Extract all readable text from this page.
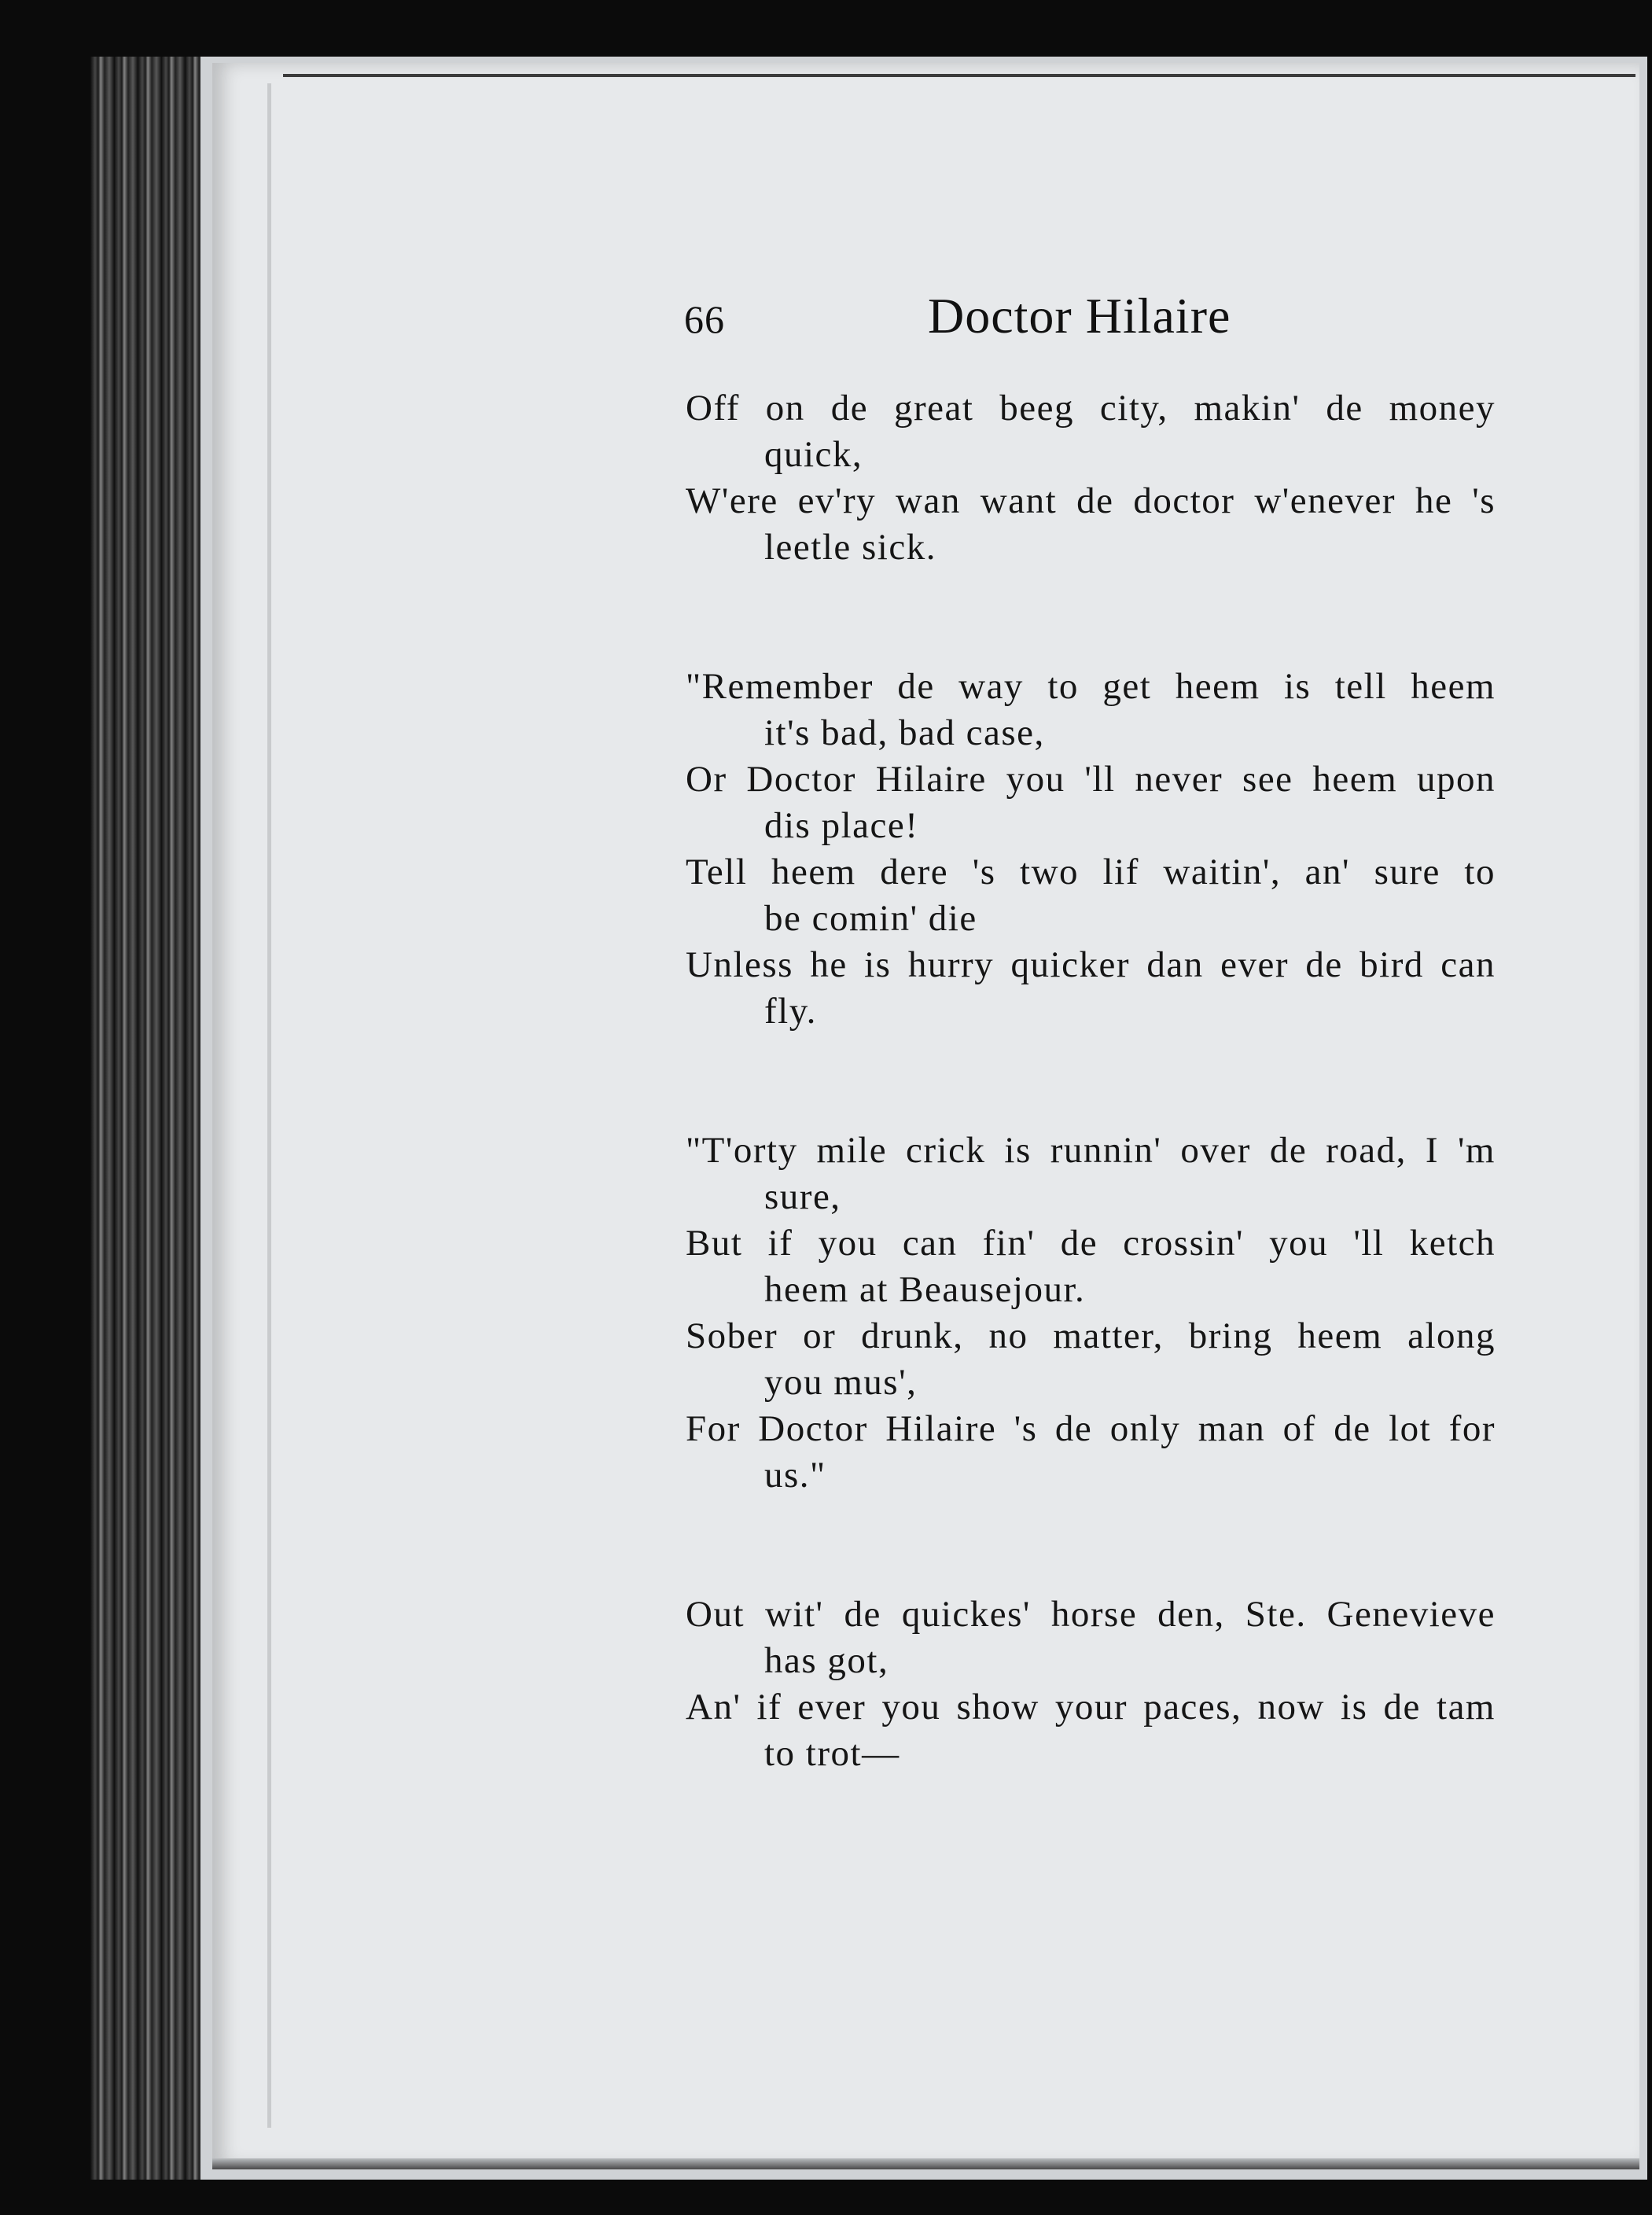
66	Doctor Hilaire
Off on de great beeg city, makin' de money
quick,
W'ere ev'ry wan want de doctor w'enever he 's
leetle sick.
"Remember de way to get heem is tell heem
it's bad, bad case,
Or Doctor Hilaire you 'll never see heem upon
dis place!
Tell heem dere 's two lif waitin', an' sure to
be comin' die
Unless he is hurry quicker dan ever de bird can
fly.
"T'orty mile crick is runnin' over de road, I 'm
sure,
But if you can fin' de crossin' you 'll ketch
heem at Beausejour.
Sober or drunk, no matter, bring heem along
you mus',
For Doctor Hilaire 's de only man of de lot for
us."
Out wit' de quickes' horse den, Ste. Genevieve
has got,
An' if ever you show your paces, now is de tam
to trot—
